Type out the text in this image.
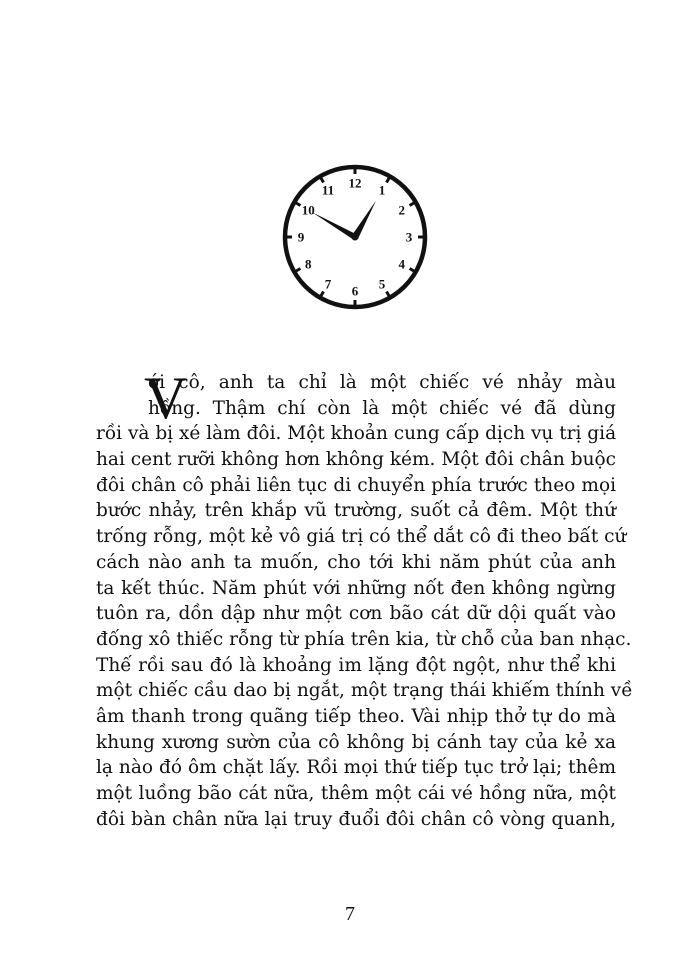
12 1
2
3
4
5
6
7
8
9
10
11
V
ới cô, anh ta chỉ là một chiếc vé nhảy màu
hồng. Thậm chí còn là một chiếc vé đã dùng
rồi và bị xé làm đôi. Một khoản cung cấp dịch vụ trị giá
hai cent rưỡi không hơn không kém. Một đôi chân buộc
đôi chân cô phải liên tục di chuyển phía trước theo mọi
bước nhảy, trên khắp vũ trường, suốt cả đêm. Một thứ
trống rỗng, một kẻ vô giá trị có thể dắt cô đi theo bất cứ
cách nào anh ta muốn, cho tới khi năm phút của anh
ta kết thúc. Năm phút với những nốt đen không ngừng
tuôn ra, dồn dập như một cơn bão cát dữ dội quất vào
đống xô thiếc rỗng từ phía trên kia, từ chỗ của ban nhạc.
Thế rồi sau đó là khoảng im lặng đột ngột, như thể khi
một chiếc cầu dao bị ngắt, một trạng thái khiếm thính về
âm thanh trong quãng tiếp theo. Vài nhịp thở tự do mà
khung xương sườn của cô không bị cánh tay của kẻ xa
lạ nào đó ôm chặt lấy. Rồi mọi thứ tiếp tục trở lại; thêm
một luồng bão cát nữa, thêm một cái vé hồng nữa, một
đôi bàn chân nữa lại truy đuổi đôi chân cô vòng quanh,
7
